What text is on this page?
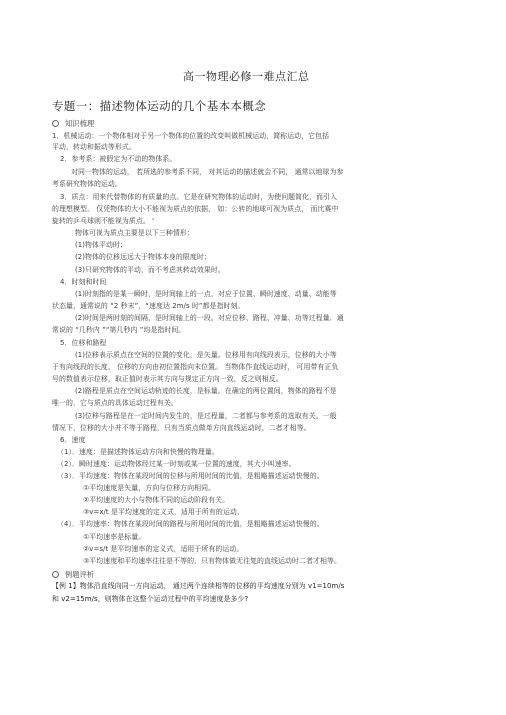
高一物理必修一难点汇总
专题一：描述物体运动的几个基本本概念
知识梳理
1．机械运动：一个物体相对于另一个物体的位置的改变叫做机械运动，简称运动，它包括
平动，转动和振动等形式。
2．参考系：被假定为不动的物体系。
对同一物体的运动， 若所选的参考系不同， 对其运动的描述就会不同， 通常以地球为参
考系研究物体的运动。
3．质点：用来代替物体的有质量的点。它是在研究物体的运动时，为使问题简化，而引入
的理想模型。 仅凭物体的大小不能视为质点的依据， 如：公转的地球可视为质点， 而比赛中
旋转的乒乓球则不能视为质点。 '
物体可视为质点主要是以下三种情形：
(1)物体平动时；
(2)物体的位移远远大于物体本身的限度时；
(3)只研究物体的平动，而不考虑其转动效果时。
4．时刻和时间
(1)时刻指的是某一瞬时，是时间轴上的一点，对应于位置、瞬时速度、动量、动能等
状态量，通常说的 “2 秒末”，“速度达 2m/s 时”都是指时刻。
(2)时间是两时刻的间隔，是时间轴上的一段。对应位移、路程、冲量、功等过程量．通
常说的 “几秒内 ”“第几秒内 ”均是指时间。
5．位移和路程
(1)位移表示质点在空间的位置的变化，是矢量。位移用有向线段表示，位移的大小等
于有向线段的长度， 位移的方向由初位置指向末位置。 当物体作直线运动时， 可用带有正负
号的数值表示位移，取正值时表示其方向与规定正方向一致，反之则相反。
(2)路程是质点在空间运动轨迹的长度，是标量。在确定的两位置间，物体的路程不是
唯一的，它与质点的具体运动过程有关。
(3)位移与路程是在一定时间内发生的，是过程量，二者都与参考系的选取有关。一般
情况下，位移的大小并不等于路程，只有当质点做单方向直线运动时，二者才相等。
6．速度
（1）．速度：是描述物体运动方向和快慢的物理量。
（2）．瞬时速度：运动物体经过某一时刻或某一位置的速度，其大小叫速率。
（3）．平均速度：物体在某段时间的位移与所用时间的比值，是粗略描述运动快慢的。
①平均速度是矢量，方向与位移方向相同。
②平均速度的大小与物体不同的运动阶段有关。
③v=x/t 是平均速度的定义式，适用于所有的运动，
（4）．平均速率：物体在某段时间的路程与所用时间的比值，是粗略描述运动快慢的。
①平均速率是标量。
②v=s/t 是平均速率的定义式，适用于所有的运动。
③平均速度和平均速率往往是不等的，只有物体做无往复的直线运动时二者才相等。
例题评析
【例 1】物体沿直线向同一方向运动， 通过两个连续相等的位移的平均速度分别为 v1=10m/s
和 v2=15m/s，则物体在这整个运动过程中的平均速度是多少?
